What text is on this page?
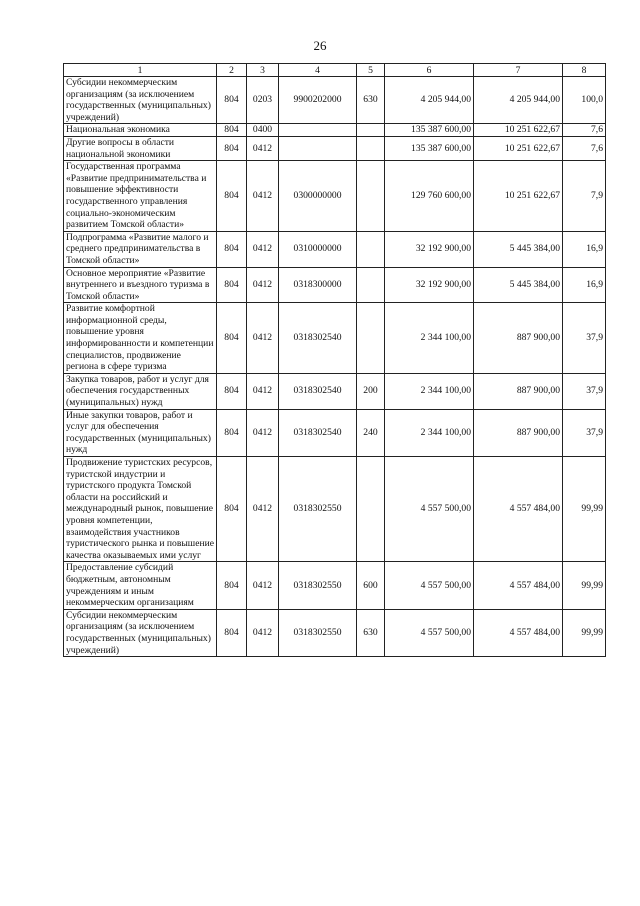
26
1	2	3	4	5	6	7	8
Субсидии некоммерческим организациям (за исключением государственных (муниципальных) учреждений)	804	0203	9900202000	630	4 205 944,00	4 205 944,00	100,0
Национальная экономика	804	0400			135 387 600,00	10 251 622,67	7,6
Другие вопросы в области национальной экономики	804	0412			135 387 600,00	10 251 622,67	7,6
Государственная программа «Развитие предпринимательства и повышение эффективности государственного управления социально-экономическим развитием Томской области»	804	0412	0300000000		129 760 600,00	10 251 622,67	7,9
Подпрограмма «Развитие малого и среднего предпринимательства в Томской области»	804	0412	0310000000		32 192 900,00	5 445 384,00	16,9
Основное мероприятие «Развитие внутреннего и въездного туризма в Томской области»	804	0412	0318300000		32 192 900,00	5 445 384,00	16,9
Развитие комфортной информационной среды, повышение уровня информированности и компетенции специалистов, продвижение региона в сфере туризма	804	0412	0318302540		2 344 100,00	887 900,00	37,9
Закупка товаров, работ и услуг для обеспечения государственных (муниципальных) нужд	804	0412	0318302540	200	2 344 100,00	887 900,00	37,9
Иные закупки товаров, работ и услуг для обеспечения государственных (муниципальных) нужд	804	0412	0318302540	240	2 344 100,00	887 900,00	37,9
Продвижение туристских ресурсов, туристской индустрии и туристского продукта Томской области на российский и международный рынок, повышение уровня компетенции, взаимодействия участников туристического рынка и повышение качества оказываемых ими услуг	804	0412	0318302550		4 557 500,00	4 557 484,00	99,99
Предоставление субсидий бюджетным, автономным учреждениям и иным некоммерческим организациям	804	0412	0318302550	600	4 557 500,00	4 557 484,00	99,99
Субсидии некоммерческим организациям (за исключением государственных (муниципальных) учреждений)	804	0412	0318302550	630	4 557 500,00	4 557 484,00	99,99
